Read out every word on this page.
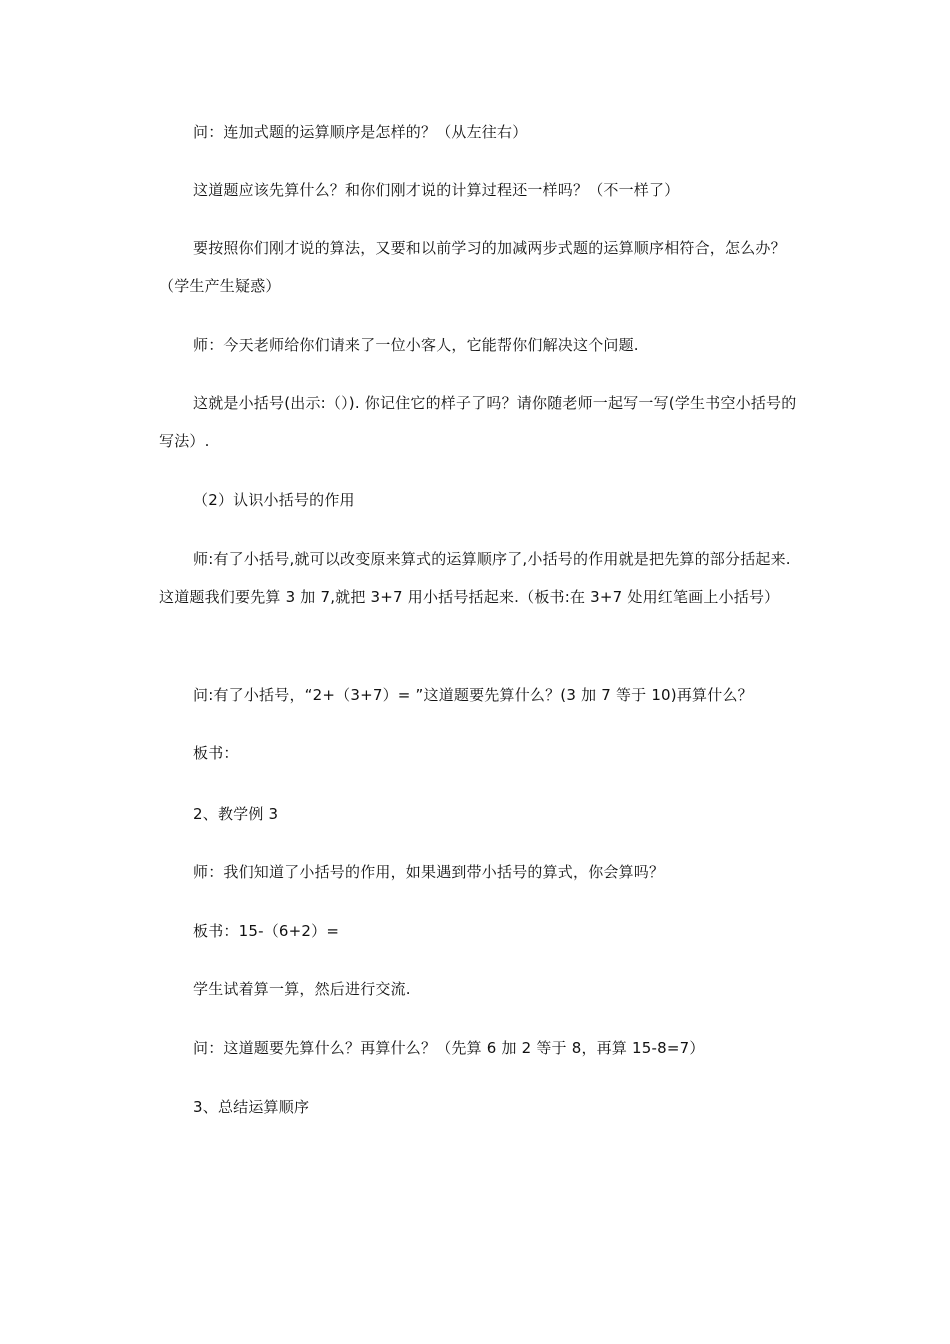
问：连加式题的运算顺序是怎样的？（从左往右）

这道题应该先算什么？和你们刚才说的计算过程还一样吗？（不一样了）

要按照你们刚才说的算法，又要和以前学习的加减两步式题的运算顺序相符合，怎么办？（学生产生疑惑）

师：今天老师给你们请来了一位小客人，它能帮你们解决这个问题.

这就是小括号(出示:（）). 你记住它的样子了吗？请你随老师一起写一写(学生书空小括号的写法）.

（2）认识小括号的作用

师:有了小括号,就可以改变原来算式的运算顺序了,小括号的作用就是把先算的部分括起来. 这道题我们要先算 3 加 7,就把 3+7 用小括号括起来.（板书:在 3+7 处用红笔画上小括号）

问:有了小括号，“2+（3+7）= ”这道题要先算什么？(3 加 7 等于 10)再算什么？

板书：

2、教学例 3

师：我们知道了小括号的作用，如果遇到带小括号的算式，你会算吗？

板书：15-（6+2）=

学生试着算一算，然后进行交流.

问：这道题要先算什么？再算什么？（先算 6 加 2 等于 8，再算 15-8=7）

3、总结运算顺序
